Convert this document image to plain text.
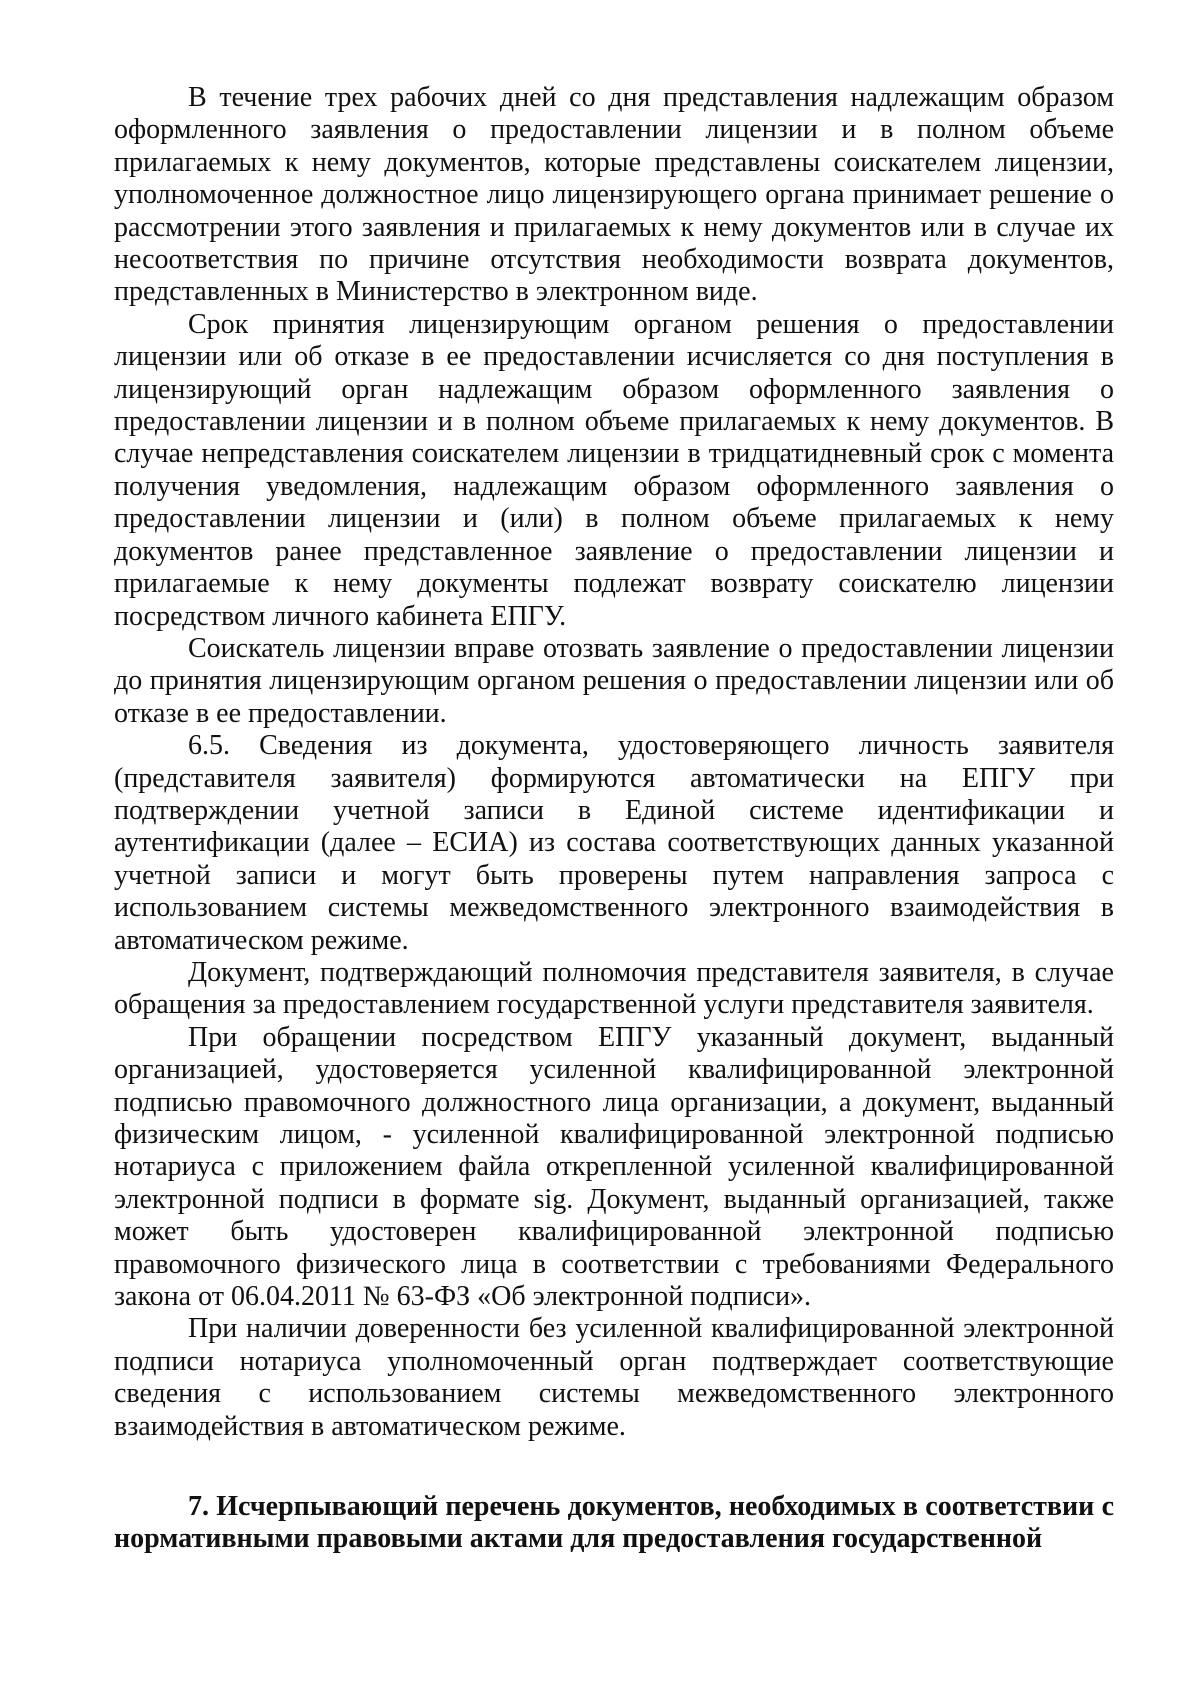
В течение трех рабочих дней со дня представления надлежащим образом оформленного заявления о предоставлении лицензии и в полном объеме прилагаемых к нему документов, которые представлены соискателем лицензии, уполномоченное должностное лицо лицензирующего органа принимает решение о рассмотрении этого заявления и прилагаемых к нему документов или в случае их несоответствия по причине отсутствия необходимости возврата документов, представленных в Министерство в электронном виде.

Срок принятия лицензирующим органом решения о предоставлении лицензии или об отказе в ее предоставлении исчисляется со дня поступления в лицензирующий орган надлежащим образом оформленного заявления о предоставлении лицензии и в полном объеме прилагаемых к нему документов. В случае непредставления соискателем лицензии в тридцатидневный срок с момента получения уведомления, надлежащим образом оформленного заявления о предоставлении лицензии и (или) в полном объеме прилагаемых к нему документов ранее представленное заявление о предоставлении лицензии и прилагаемые к нему документы подлежат возврату соискателю лицензии посредством личного кабинета ЕПГУ.

Соискатель лицензии вправе отозвать заявление о предоставлении лицензии до принятия лицензирующим органом решения о предоставлении лицензии или об отказе в ее предоставлении.

6.5. Сведения из документа, удостоверяющего личность заявителя (представителя заявителя) формируются автоматически на ЕПГУ при подтверждении учетной записи в Единой системе идентификации и аутентификации (далее – ЕСИА) из состава соответствующих данных указанной учетной записи и могут быть проверены путем направления запроса с использованием системы межведомственного электронного взаимодействия в автоматическом режиме.

Документ, подтверждающий полномочия представителя заявителя, в случае обращения за предоставлением государственной услуги представителя заявителя.

При обращении посредством ЕПГУ указанный документ, выданный организацией, удостоверяется усиленной квалифицированной электронной подписью правомочного должностного лица организации, а документ, выданный физическим лицом, - усиленной квалифицированной электронной подписью нотариуса с приложением файла открепленной усиленной квалифицированной электронной подписи в формате sig. Документ, выданный организацией, также может быть удостоверен квалифицированной электронной подписью правомочного физического лица в соответствии с требованиями Федерального закона от 06.04.2011 № 63-ФЗ «Об электронной подписи».

При наличии доверенности без усиленной квалифицированной электронной подписи нотариуса уполномоченный орган подтверждает соответствующие сведения с использованием системы межведомственного электронного взаимодействия в автоматическом режиме.

7. Исчерпывающий перечень документов, необходимых в соответствии с нормативными правовыми актами для предоставления государственной
